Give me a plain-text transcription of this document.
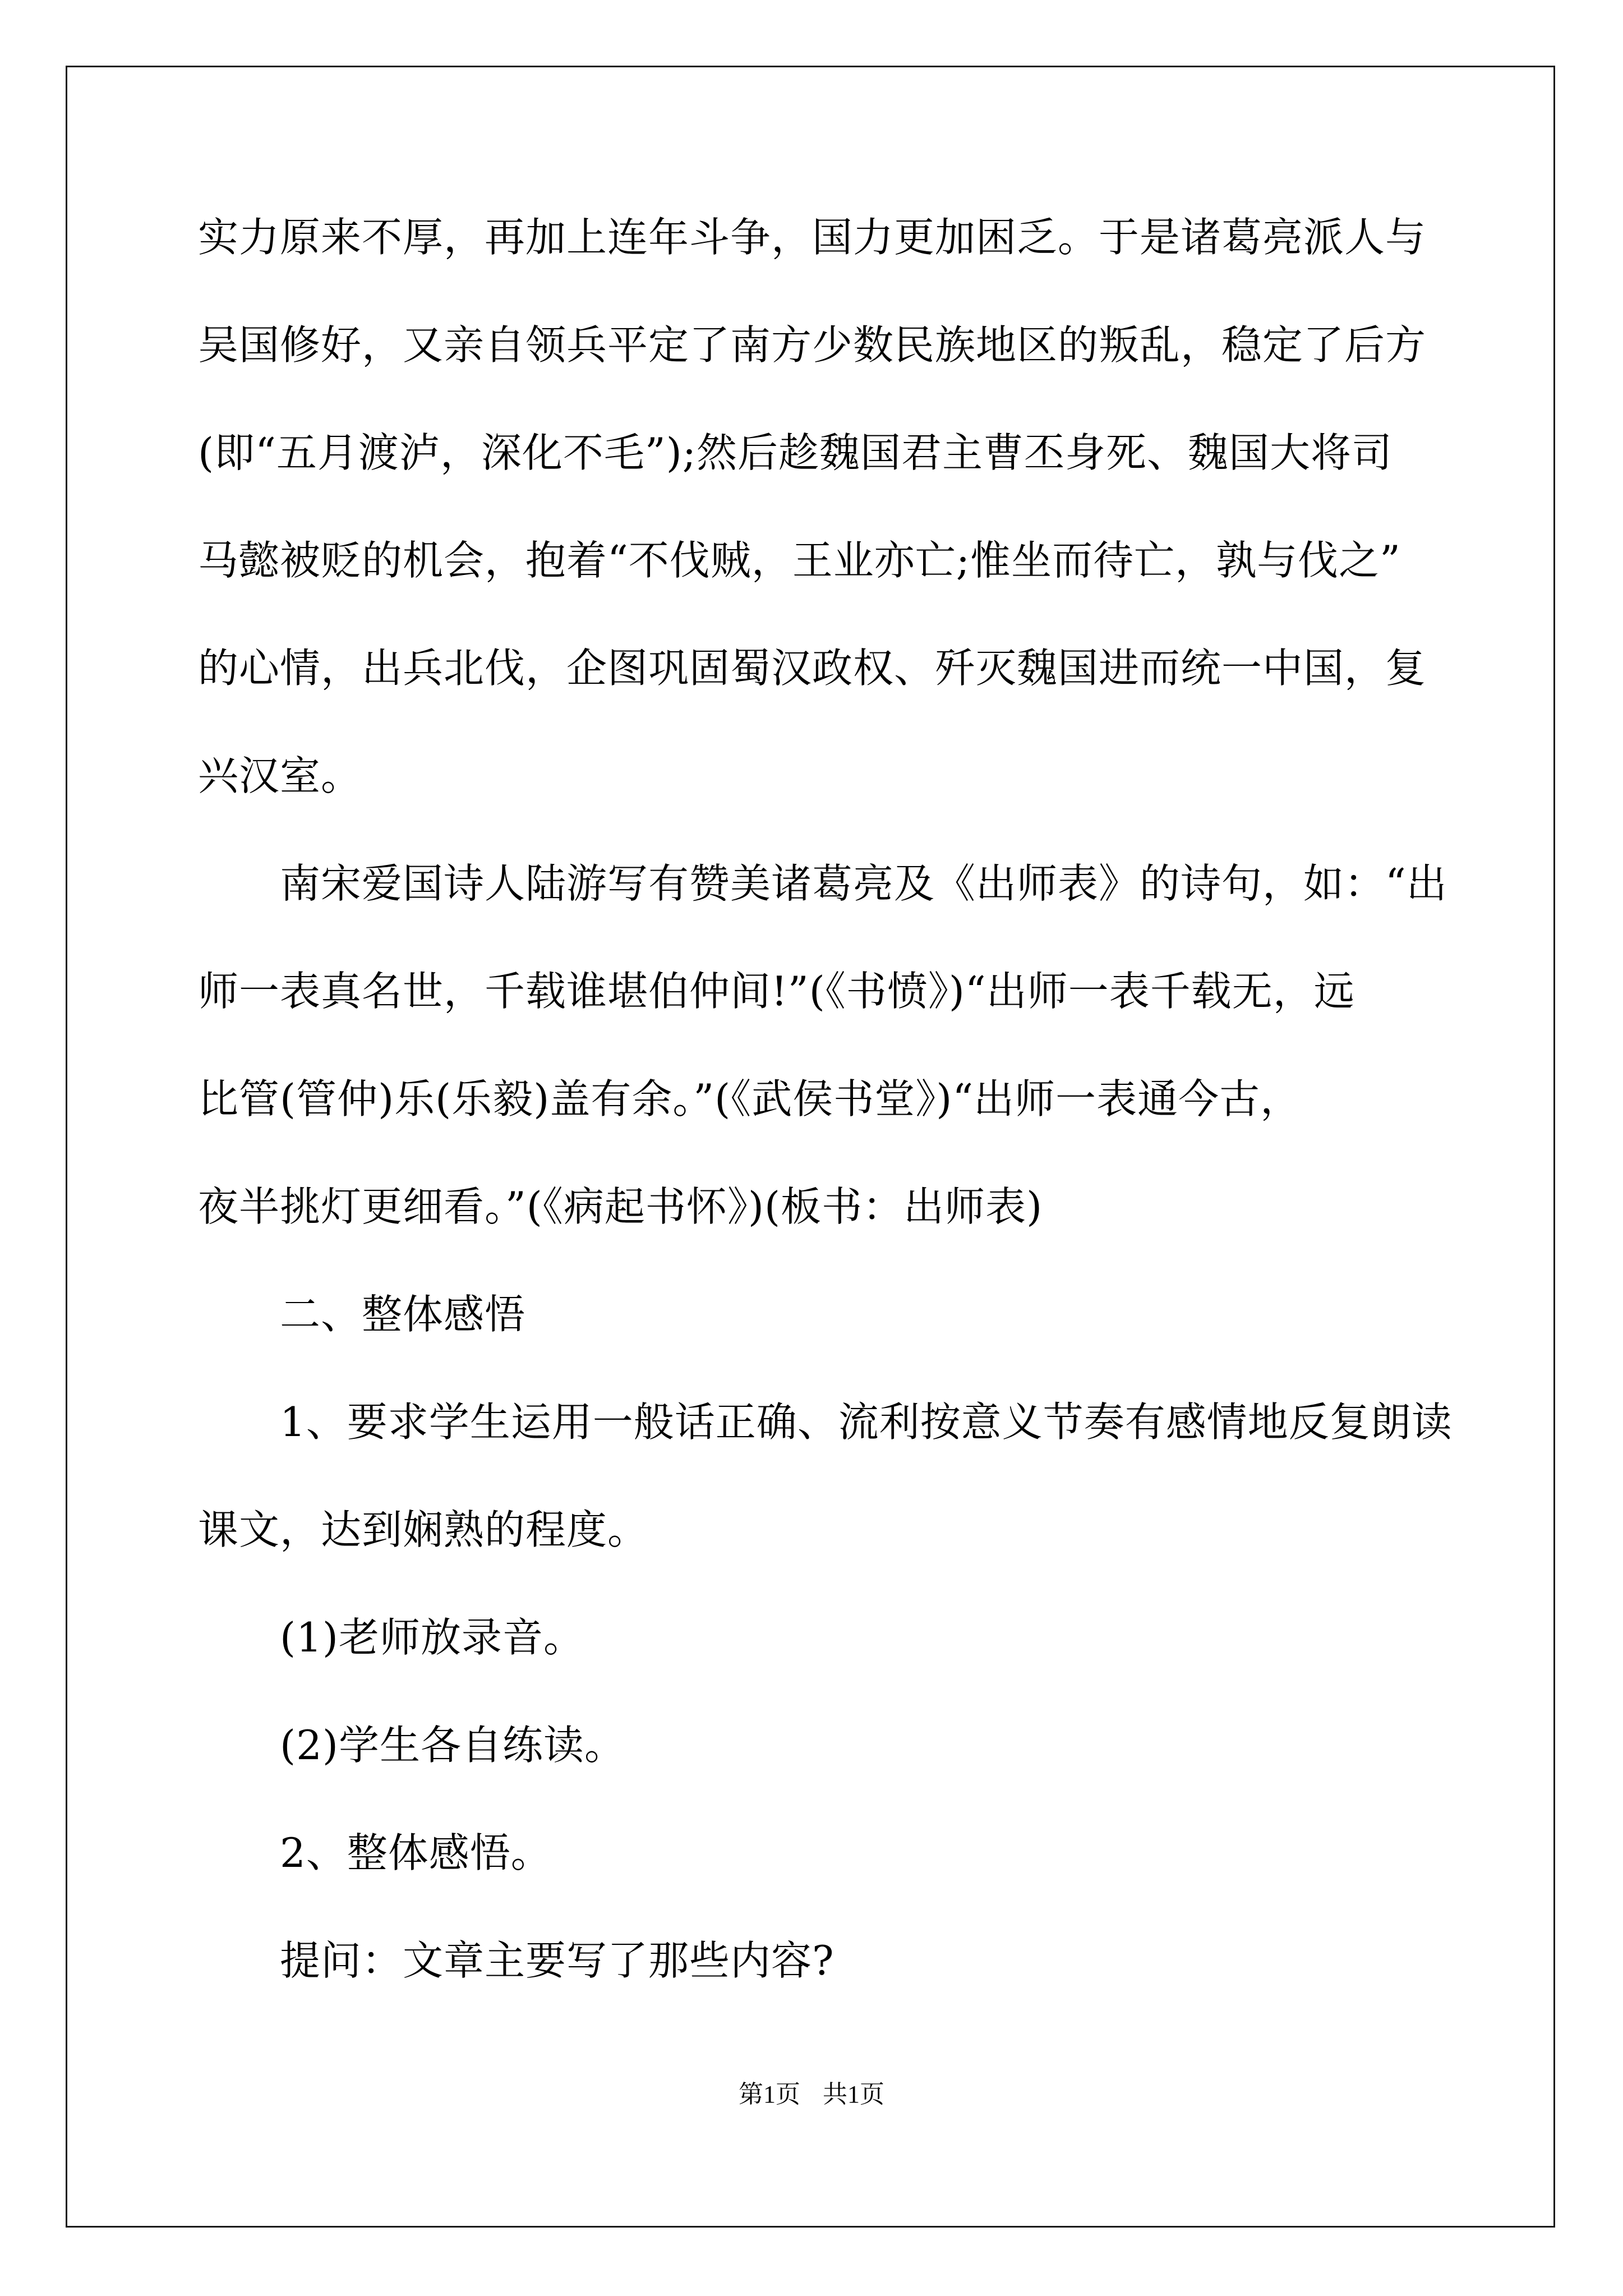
实力原来不厚，再加上连年斗争，国力更加困乏。于是诸葛亮派人与
吴国修好，又亲自领兵平定了南方少数民族地区的叛乱，稳定了后方
(即“五月渡泸，深化不毛”);然后趁魏国君主曹丕身死、魏国大将司
马懿被贬的机会，抱着“不伐贼，王业亦亡;惟坐而待亡，孰与伐之”
的心情，出兵北伐，企图巩固蜀汉政权、歼灭魏国进而统一中国，复
兴汉室。
南宋爱国诗人陆游写有赞美诸葛亮及《出师表》的诗句，如：“出
师一表真名世，千载谁堪伯仲间!”(《书愤》)“出师一表千载无，远
比管(管仲)乐(乐毅)盖有余。”(《武侯书堂》)“出师一表通今古，
夜半挑灯更细看。”(《病起书怀》)(板书：出师表)
二、整体感悟
1、要求学生运用一般话正确、流利按意义节奏有感情地反复朗读
课文，达到娴熟的程度。
(1)老师放录音。
(2)学生各自练读。
2、整体感悟。
提问：文章主要写了那些内容?
第1页 共1页
